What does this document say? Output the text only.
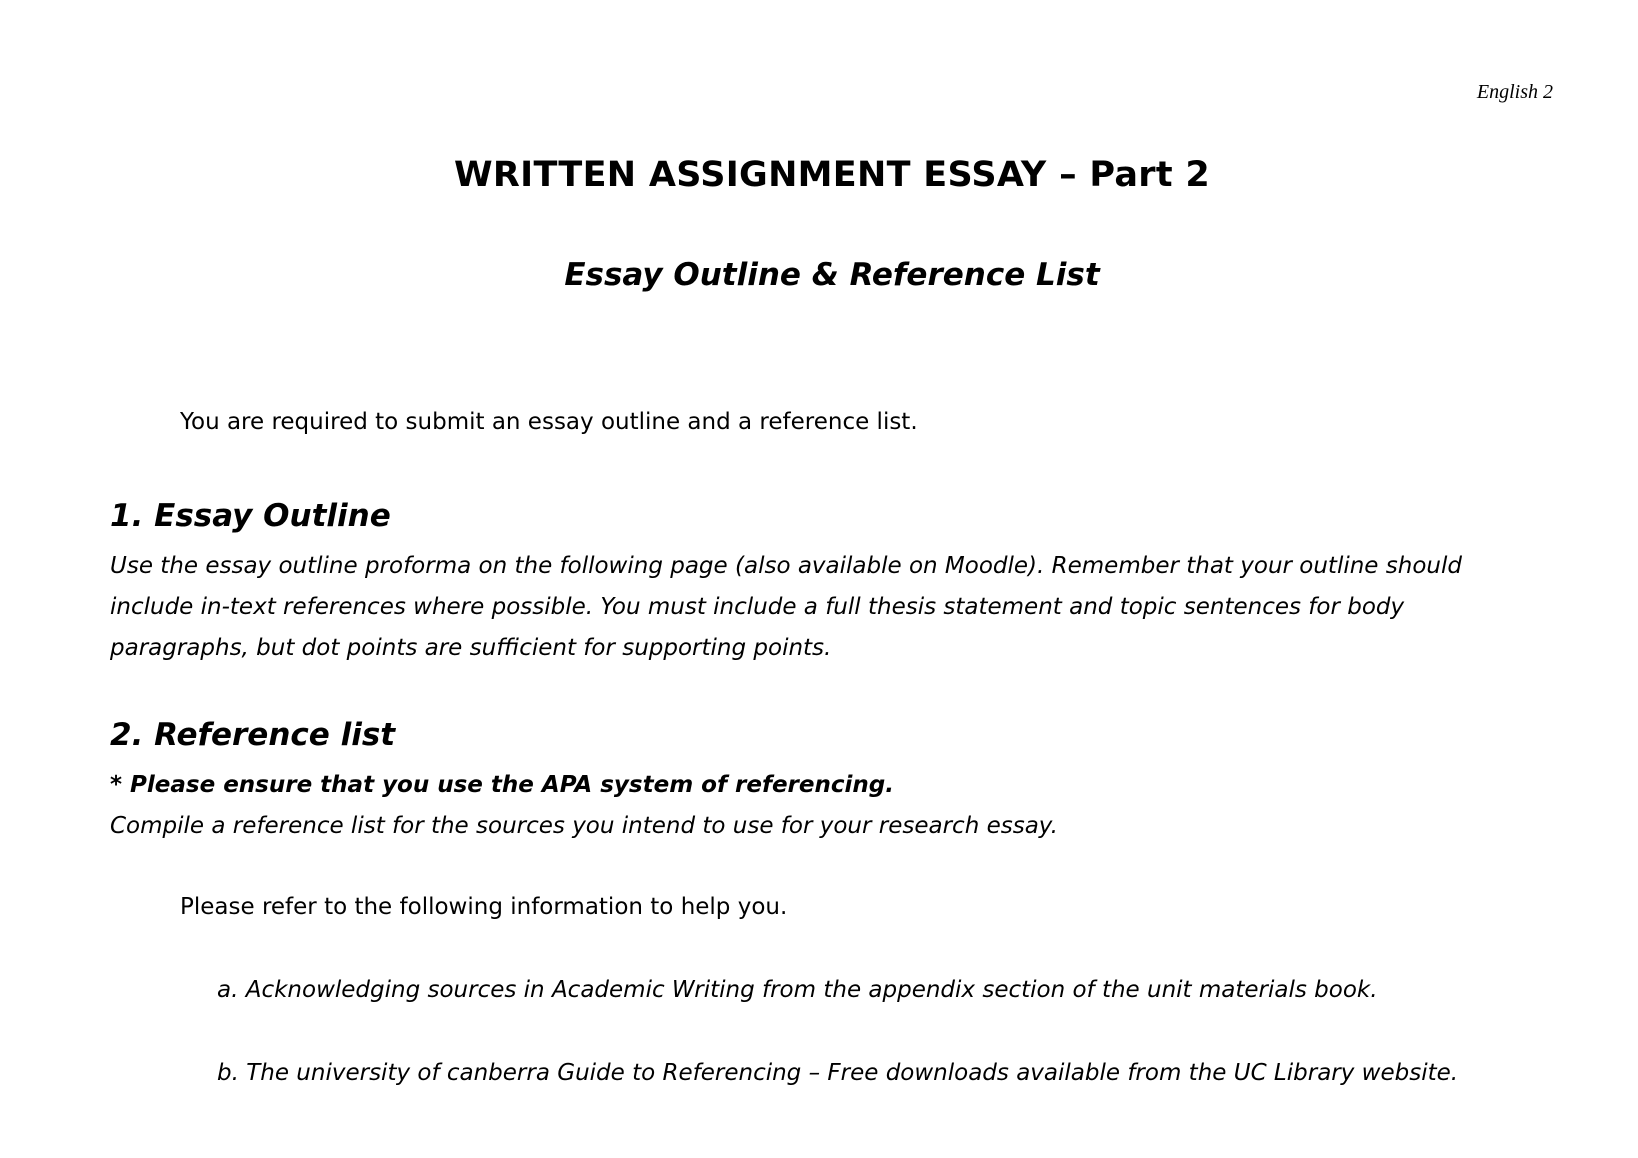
English 2
WRITTEN ASSIGNMENT ESSAY – Part 2
Essay Outline & Reference List

You are required to submit an essay outline and a reference list.

1. Essay Outline

Use the essay outline proforma on the following page (also available on Moodle). Remember that your outline should include in-text references where possible. You must include a full thesis statement and topic sentences for body paragraphs, but dot points are sufficient for supporting points.

2. Reference list

* Please ensure that you use the APA system of referencing.

Compile a reference list for the sources you intend to use for your research essay.

Please refer to the following information to help you.

a. Acknowledging sources in Academic Writing from the appendix section of the unit materials book.

b. The university of canberra Guide to Referencing – Free downloads available from the UC Library website.
